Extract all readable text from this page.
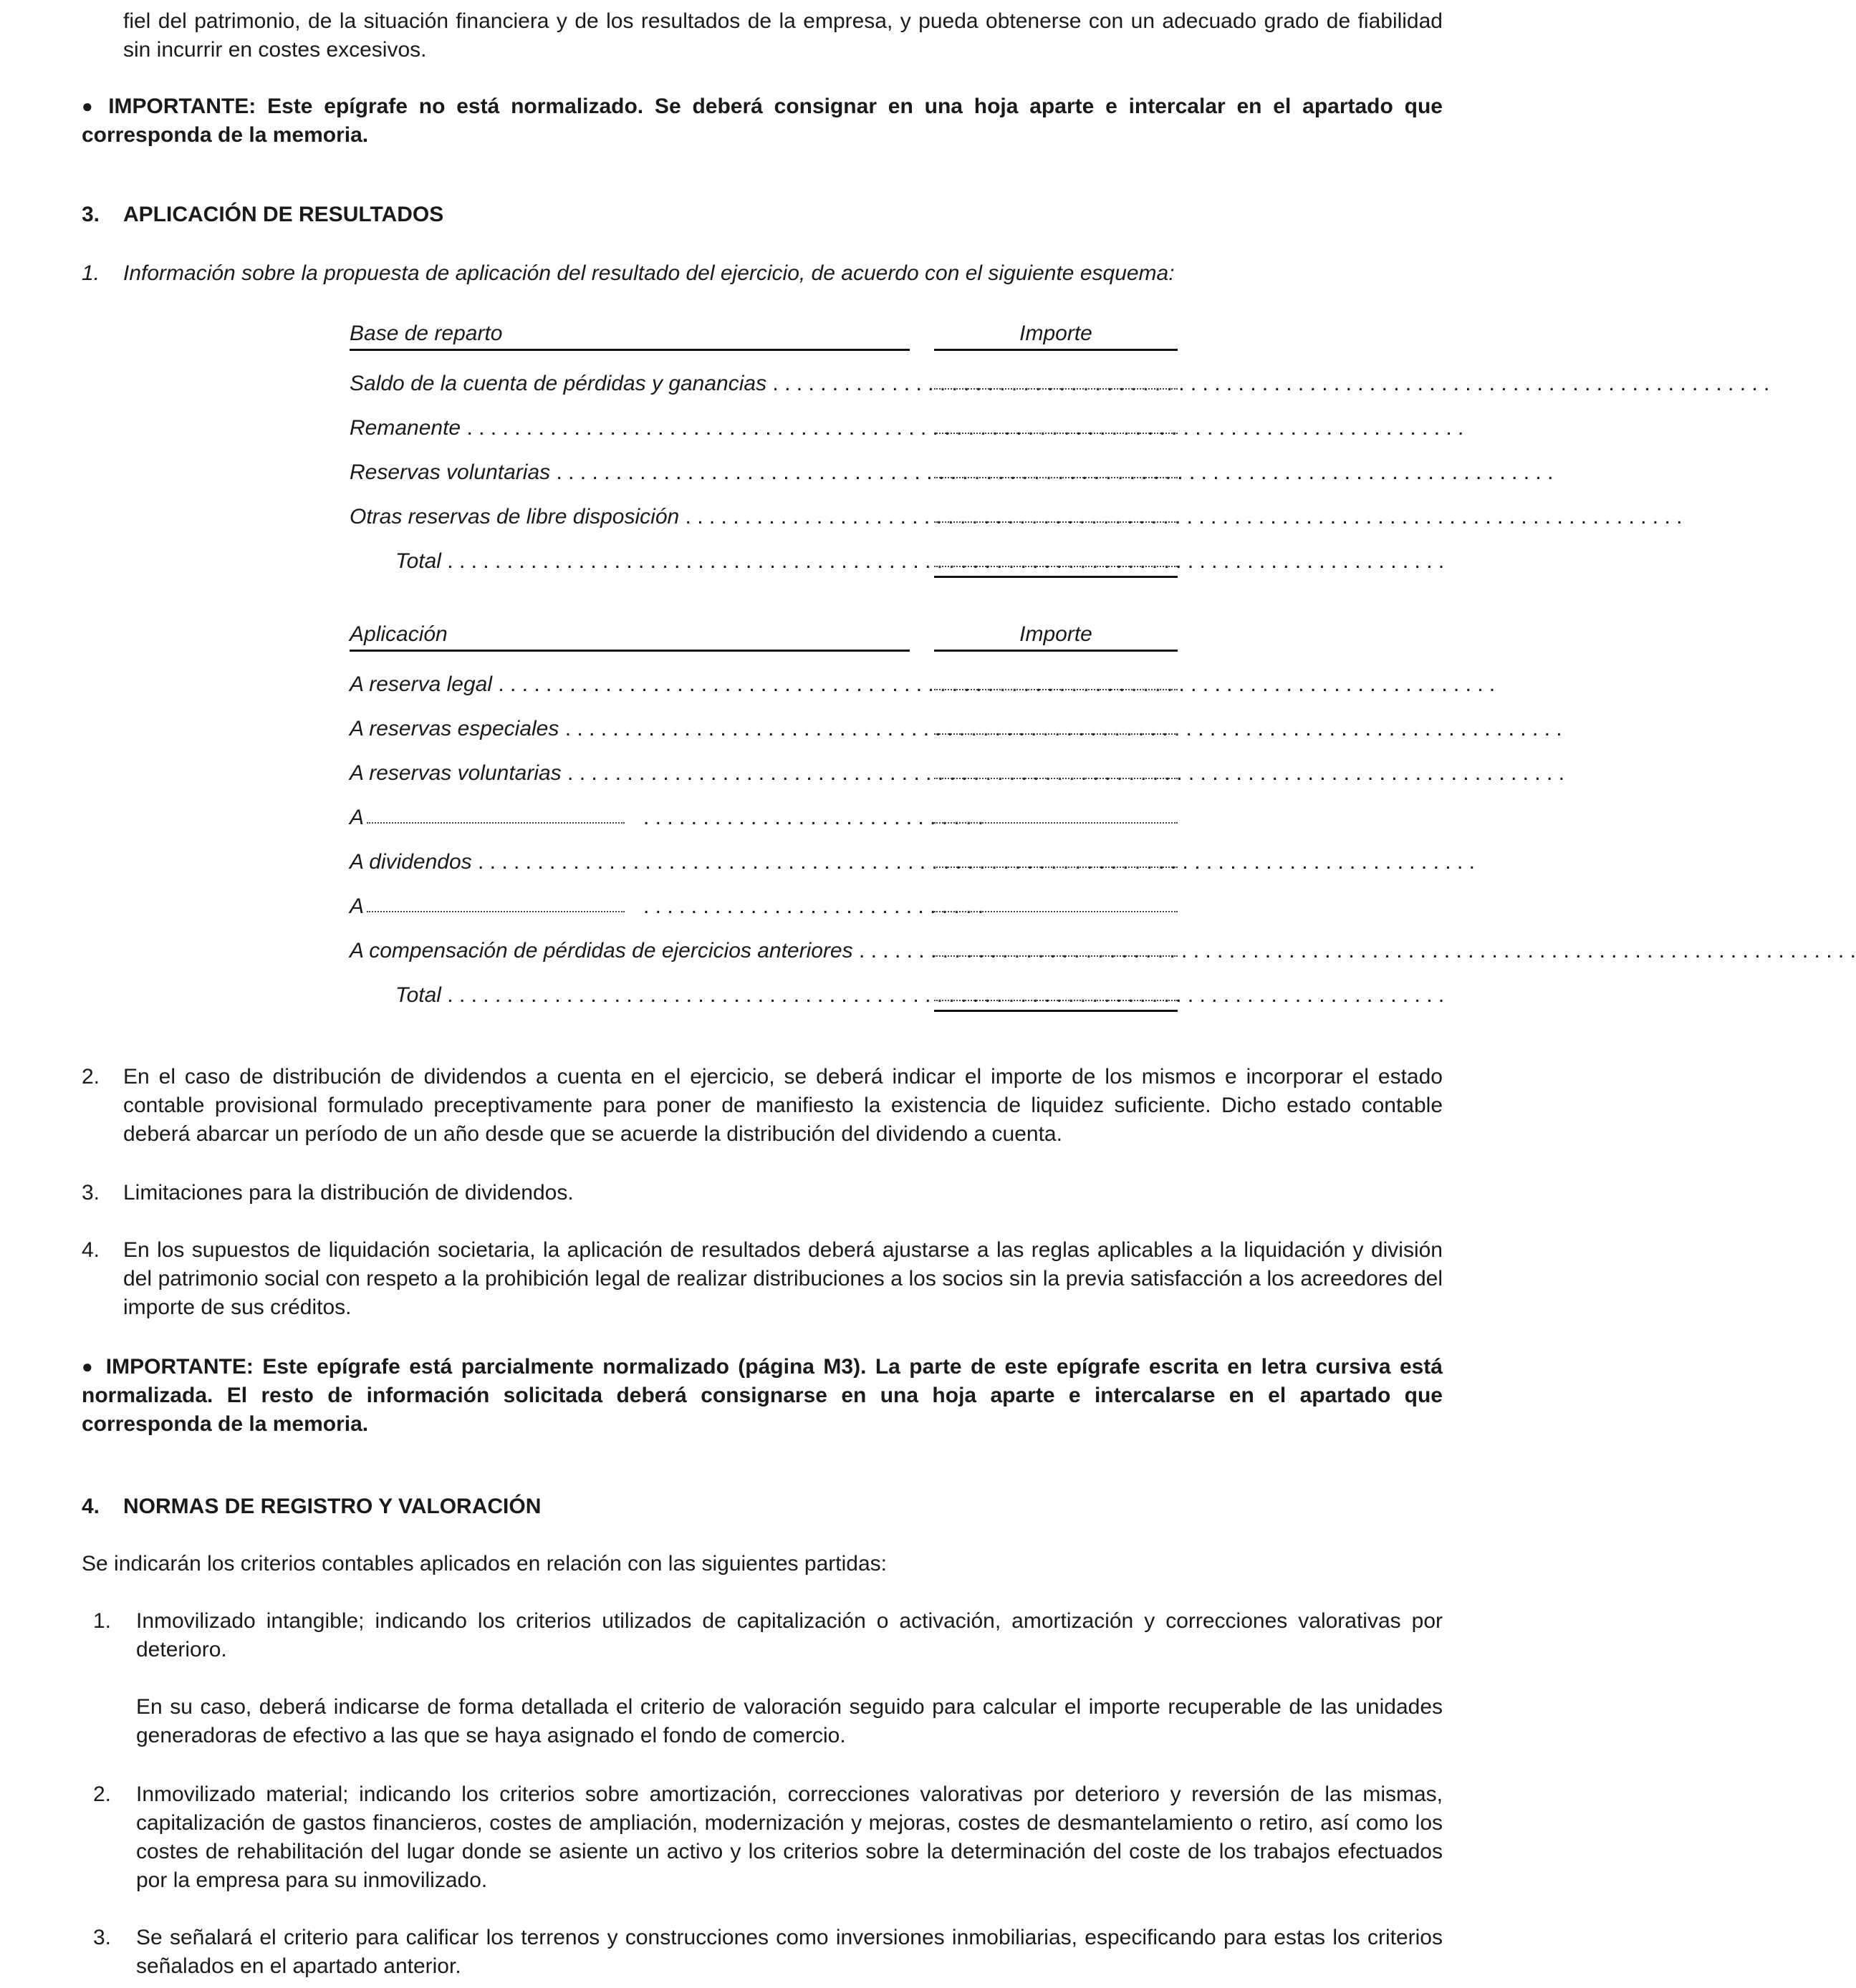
fiel del patrimonio, de la situación financiera y de los resultados de la empresa, y pueda obtenerse con un adecuado grado de fiabilidad sin incurrir en costes excesivos.

● IMPORTANTE: Este epígrafe no está normalizado. Se deberá consignar en una hoja aparte e intercalar en el apartado que corresponda de la memoria.

3. APLICACIÓN DE RESULTADOS

1. Información sobre la propuesta de aplicación del resultado del ejercicio, de acuerdo con el siguiente esquema:
Base de reparto	Importe
Saldo de la cuenta de pérdidas y ganancias . . .
Remanente . . .
Reservas voluntarias . . .
Otras reservas de libre disposición . . .
Total . . .
Aplicación	Importe
A reserva legal . . .
A reservas especiales . . .
A reservas voluntarias . . .
A	. . . . . . . . . . . . . . . . . . . . . . . . . . . . .
A dividendos . . .
A	. . . . . . . . . . . . . . . . . . . . . . . . . . . . .
A compensación de pérdidas de ejercicios anteriores . . .
Total . . .
2. En el caso de distribución de dividendos a cuenta en el ejercicio, se deberá indicar el importe de los mismos e incorporar el estado contable provisional formulado preceptivamente para poner de manifiesto la existencia de liquidez suficiente. Dicho estado contable deberá abarcar un período de un año desde que se acuerde la distribución del dividendo a cuenta.
3. Limitaciones para la distribución de dividendos.
4. En los supuestos de liquidación societaria, la aplicación de resultados deberá ajustarse a las reglas aplicables a la liquidación y división del patrimonio social con respeto a la prohibición legal de realizar distribuciones a los socios sin la previa satisfacción a los acreedores del importe de sus créditos.

● IMPORTANTE: Este epígrafe está parcialmente normalizado (página M3). La parte de este epígrafe escrita en letra cursiva está normalizada. El resto de información solicitada deberá consignarse en una hoja aparte e intercalarse en el apartado que corresponda de la memoria.

4. NORMAS DE REGISTRO Y VALORACIÓN

Se indicarán los criterios contables aplicados en relación con las siguientes partidas:

1. Inmovilizado intangible; indicando los criterios utilizados de capitalización o activación, amortización y correcciones valorativas por deterioro.

En su caso, deberá indicarse de forma detallada el criterio de valoración seguido para calcular el importe recuperable de las unidades generadoras de efectivo a las que se haya asignado el fondo de comercio.

2. Inmovilizado material; indicando los criterios sobre amortización, correcciones valorativas por deterioro y reversión de las mismas, capitalización de gastos financieros, costes de ampliación, modernización y mejoras, costes de desmantelamiento o retiro, así como los costes de rehabilitación del lugar donde se asiente un activo y los criterios sobre la determinación del coste de los trabajos efectuados por la empresa para su inmovilizado.
3. Se señalará el criterio para calificar los terrenos y construcciones como inversiones inmobiliarias, especificando para estas los criterios señalados en el apartado anterior.
